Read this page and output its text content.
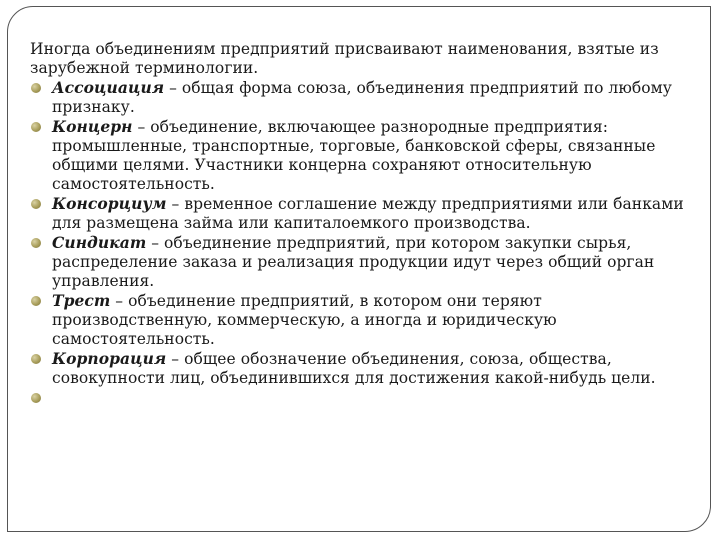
Иногда объединениям предприятий присваивают наименования, взятые из зарубежной терминологии.

Ассоциация – общая форма союза, объединения предприятий по любому признаку.
Концерн – объединение, включающее разнородные предприятия: промышленные, транспортные, торговые, банковской сферы, связанные общими целями. Участники концерна сохраняют относительную самостоятельность.
Консорциум – временное соглашение между предприятиями или банками для размещена займа или капиталоемкого производства.
Синдикат – объединение предприятий, при котором закупки сырья, распределение заказа и реализация продукции идут через общий орган управления.
Трест – объединение предприятий, в котором они теряют производственную, коммерческую, а иногда и юридическую самостоятельность.
Корпорация – общее обозначение объединения, союза, общества, совокупности лиц, объединившихся для достижения какой-нибудь цели.
